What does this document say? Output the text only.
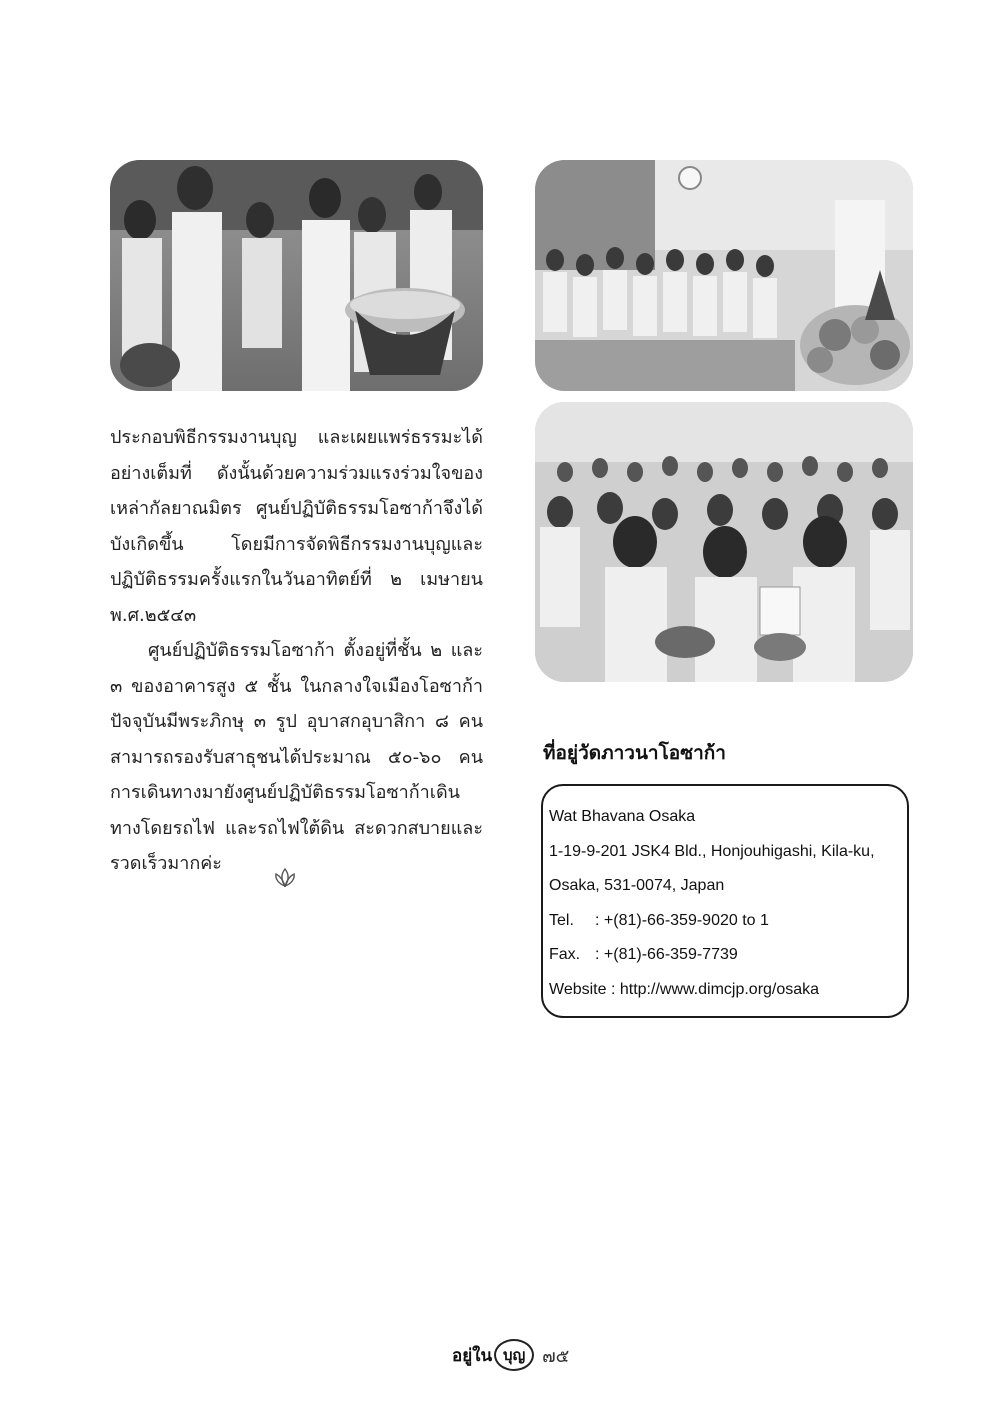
ประกอบพิธีกรรมงานบุญ และเผยแพร่ธรรมะได้อย่างเต็มที่ ดังนั้นด้วยความร่วมแรงร่วมใจของเหล่ากัลยาณมิตร ศูนย์ปฏิบัติธรรมโอซาก้าจึงได้บังเกิดขึ้น โดยมีการจัดพิธีกรรมงานบุญและปฏิบัติธรรมครั้งแรกในวันอาทิตย์ที่ ๒ เมษายน พ.ศ.๒๕๔๓

ศูนย์ปฏิบัติธรรมโอซาก้า ตั้งอยู่ที่ชั้น ๒ และ ๓ ของอาคารสูง ๕ ชั้น ในกลางใจเมืองโอซาก้า ปัจจุบันมีพระภิกษุ ๓ รูป อุบาสกอุบาสิกา ๘ คน สามารถรองรับสาธุชนได้ประมาณ ๕๐-๖๐ คน การเดินทางมายังศูนย์ปฏิบัติธรรมโอซาก้าเดินทางโดยรถไฟ และรถไฟใต้ดิน สะดวกสบายและรวดเร็วมากค่ะ

ที่อยู่วัดภาวนาโอซาก้า
Wat Bhavana Osaka
1-19-9-201 JSK4 Bld., Honjouhigashi, Kila-ku,
Osaka, 531-0074, Japan
Tel. : +(81)-66-359-9020 to 1
Fax. : +(81)-66-359-7739
Website : http://www.dimcjp.org/osaka
อยู่ใน บุญ ๗๕
